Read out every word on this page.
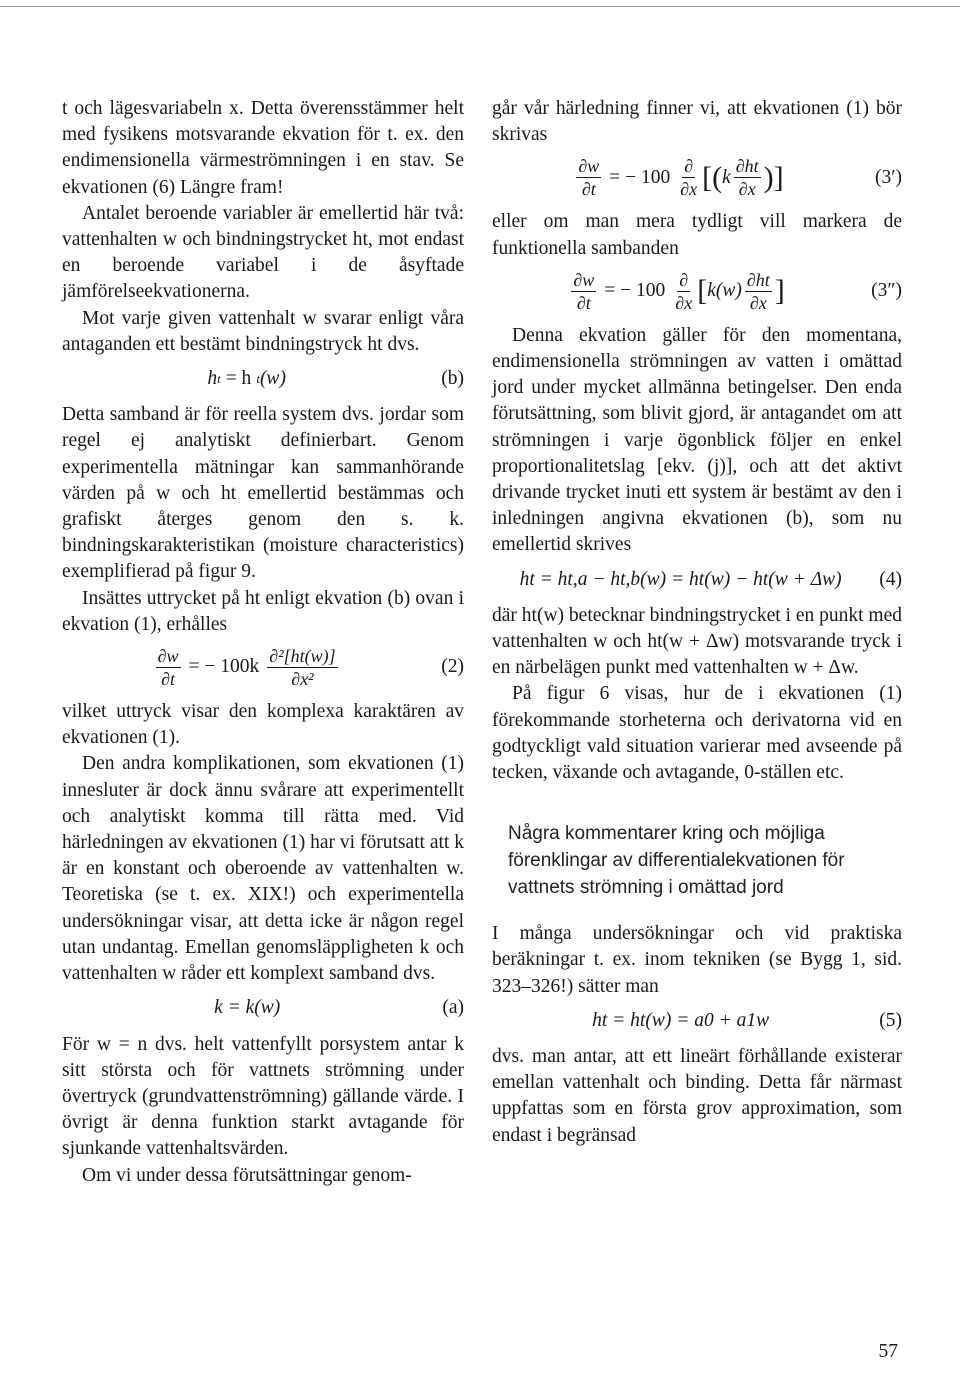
t och lägesvariabeln x. Detta överensstämmer helt med fysikens motsvarande ekvation för t. ex. den endimensionella värmeströmningen i en stav. Se ekvationen (6) Längre fram!

Antalet beroende variabler är emellertid här två: vattenhalten w och bindningstrycket ht, mot endast en beroende variabel i de åsyftade jämförelseekvationerna.

Mot varje given vattenhalt w svarar enligt våra antaganden ett bestämt bindningstryck ht dvs.

h t = h t (w)	(b)

Detta samband är för reella system dvs. jordar som regel ej analytiskt definierbart. Genom experimentella mätningar kan sammanhörande värden på w och ht emellertid bestämmas och grafiskt återges genom den s. k. bindningskarakteristikan (moisture characteristics) exemplifierad på figur 9.

Insättes uttrycket på ht enligt ekvation (b) ovan i ekvation (1), erhålles

$\frac{\partial w}{\partial t}$ = − $100k \frac{\text{∂²[ht(w)]}}{\text{∂x²}}$	(2)

vilket uttryck visar den komplexa karaktären av ekvationen (1).

Den andra komplikationen, som ekvationen (1) innesluter är dock ännu svårare att experimentellt och analytiskt komma till rätta med. Vid härledningen av ekvationen (1) har vi förutsatt att k är en konstant och oberoende av vattenhalten w. Teoretiska (se t. ex. XIX!) och experimentella undersökningar visar, att detta icke är någon regel utan undantag. Emellan genomsläppligheten k och vattenhalten w råder ett komplext samband dvs.

k = k(w)	(a)

För w = n dvs. helt vattenfyllt porsystem antar k sitt största och för vattnets strömning under övertryck (grundvattenströmning) gällande värde. I övrigt är denna funktion starkt avtagande för sjunkande vattenhaltsvärden.

Om vi under dessa förutsättningar genom-

går vår härledning finner vi, att ekvationen (1) bör skrivas

$\frac{\partial w}{\partial t}$ = − $100 \frac{\partial}{\partial x}$ [ ( k $\frac{\partial ht}{\partial x}$ ) ]	(3′)

eller om man mera tydligt vill markera de funktionella sambanden

$\frac{\partial w}{\partial t}$ = − $100 \frac{\partial}{\partial x}$ [ $k(w) \frac{\partial ht}{\partial x}$ ]	(3″)

Denna ekvation gäller för den momentana, endimensionella strömningen av vatten i omättad jord under mycket allmänna betingelser. Den enda förutsättning, som blivit gjord, är antagandet om att strömningen i varje ögonblick följer en enkel proportionalitetslag [ekv. (j)], och att det aktivt drivande trycket inuti ett system är bestämt av den i inledningen angivna ekvationen (b), som nu emellertid skrives

ht = ht,a − ht,b(w) = ht(w) − ht(w + Δw)	(4)

där ht(w) betecknar bindningstrycket i en punkt med vattenhalten w och ht(w + Δw) motsvarande tryck i en närbelägen punkt med vattenhalten w + Δw.

På figur 6 visas, hur de i ekvationen (1) förekommande storheterna och derivatorna vid en godtyckligt vald situation varierar med avseende på tecken, växande och avtagande, 0-ställen etc.

Några kommentarer kring och möjliga förenklingar av differentialekvationen för vattnets strömning i omättad jord

I många undersökningar och vid praktiska beräkningar t. ex. inom tekniken (se Bygg 1, sid. 323–326!) sätter man

ht = ht(w) = a0 + a1w	(5)

dvs. man antar, att ett lineärt förhållande existerar emellan vattenhalt och binding. Detta får närmast uppfattas som en första grov approximation, som endast i begränsad

57
